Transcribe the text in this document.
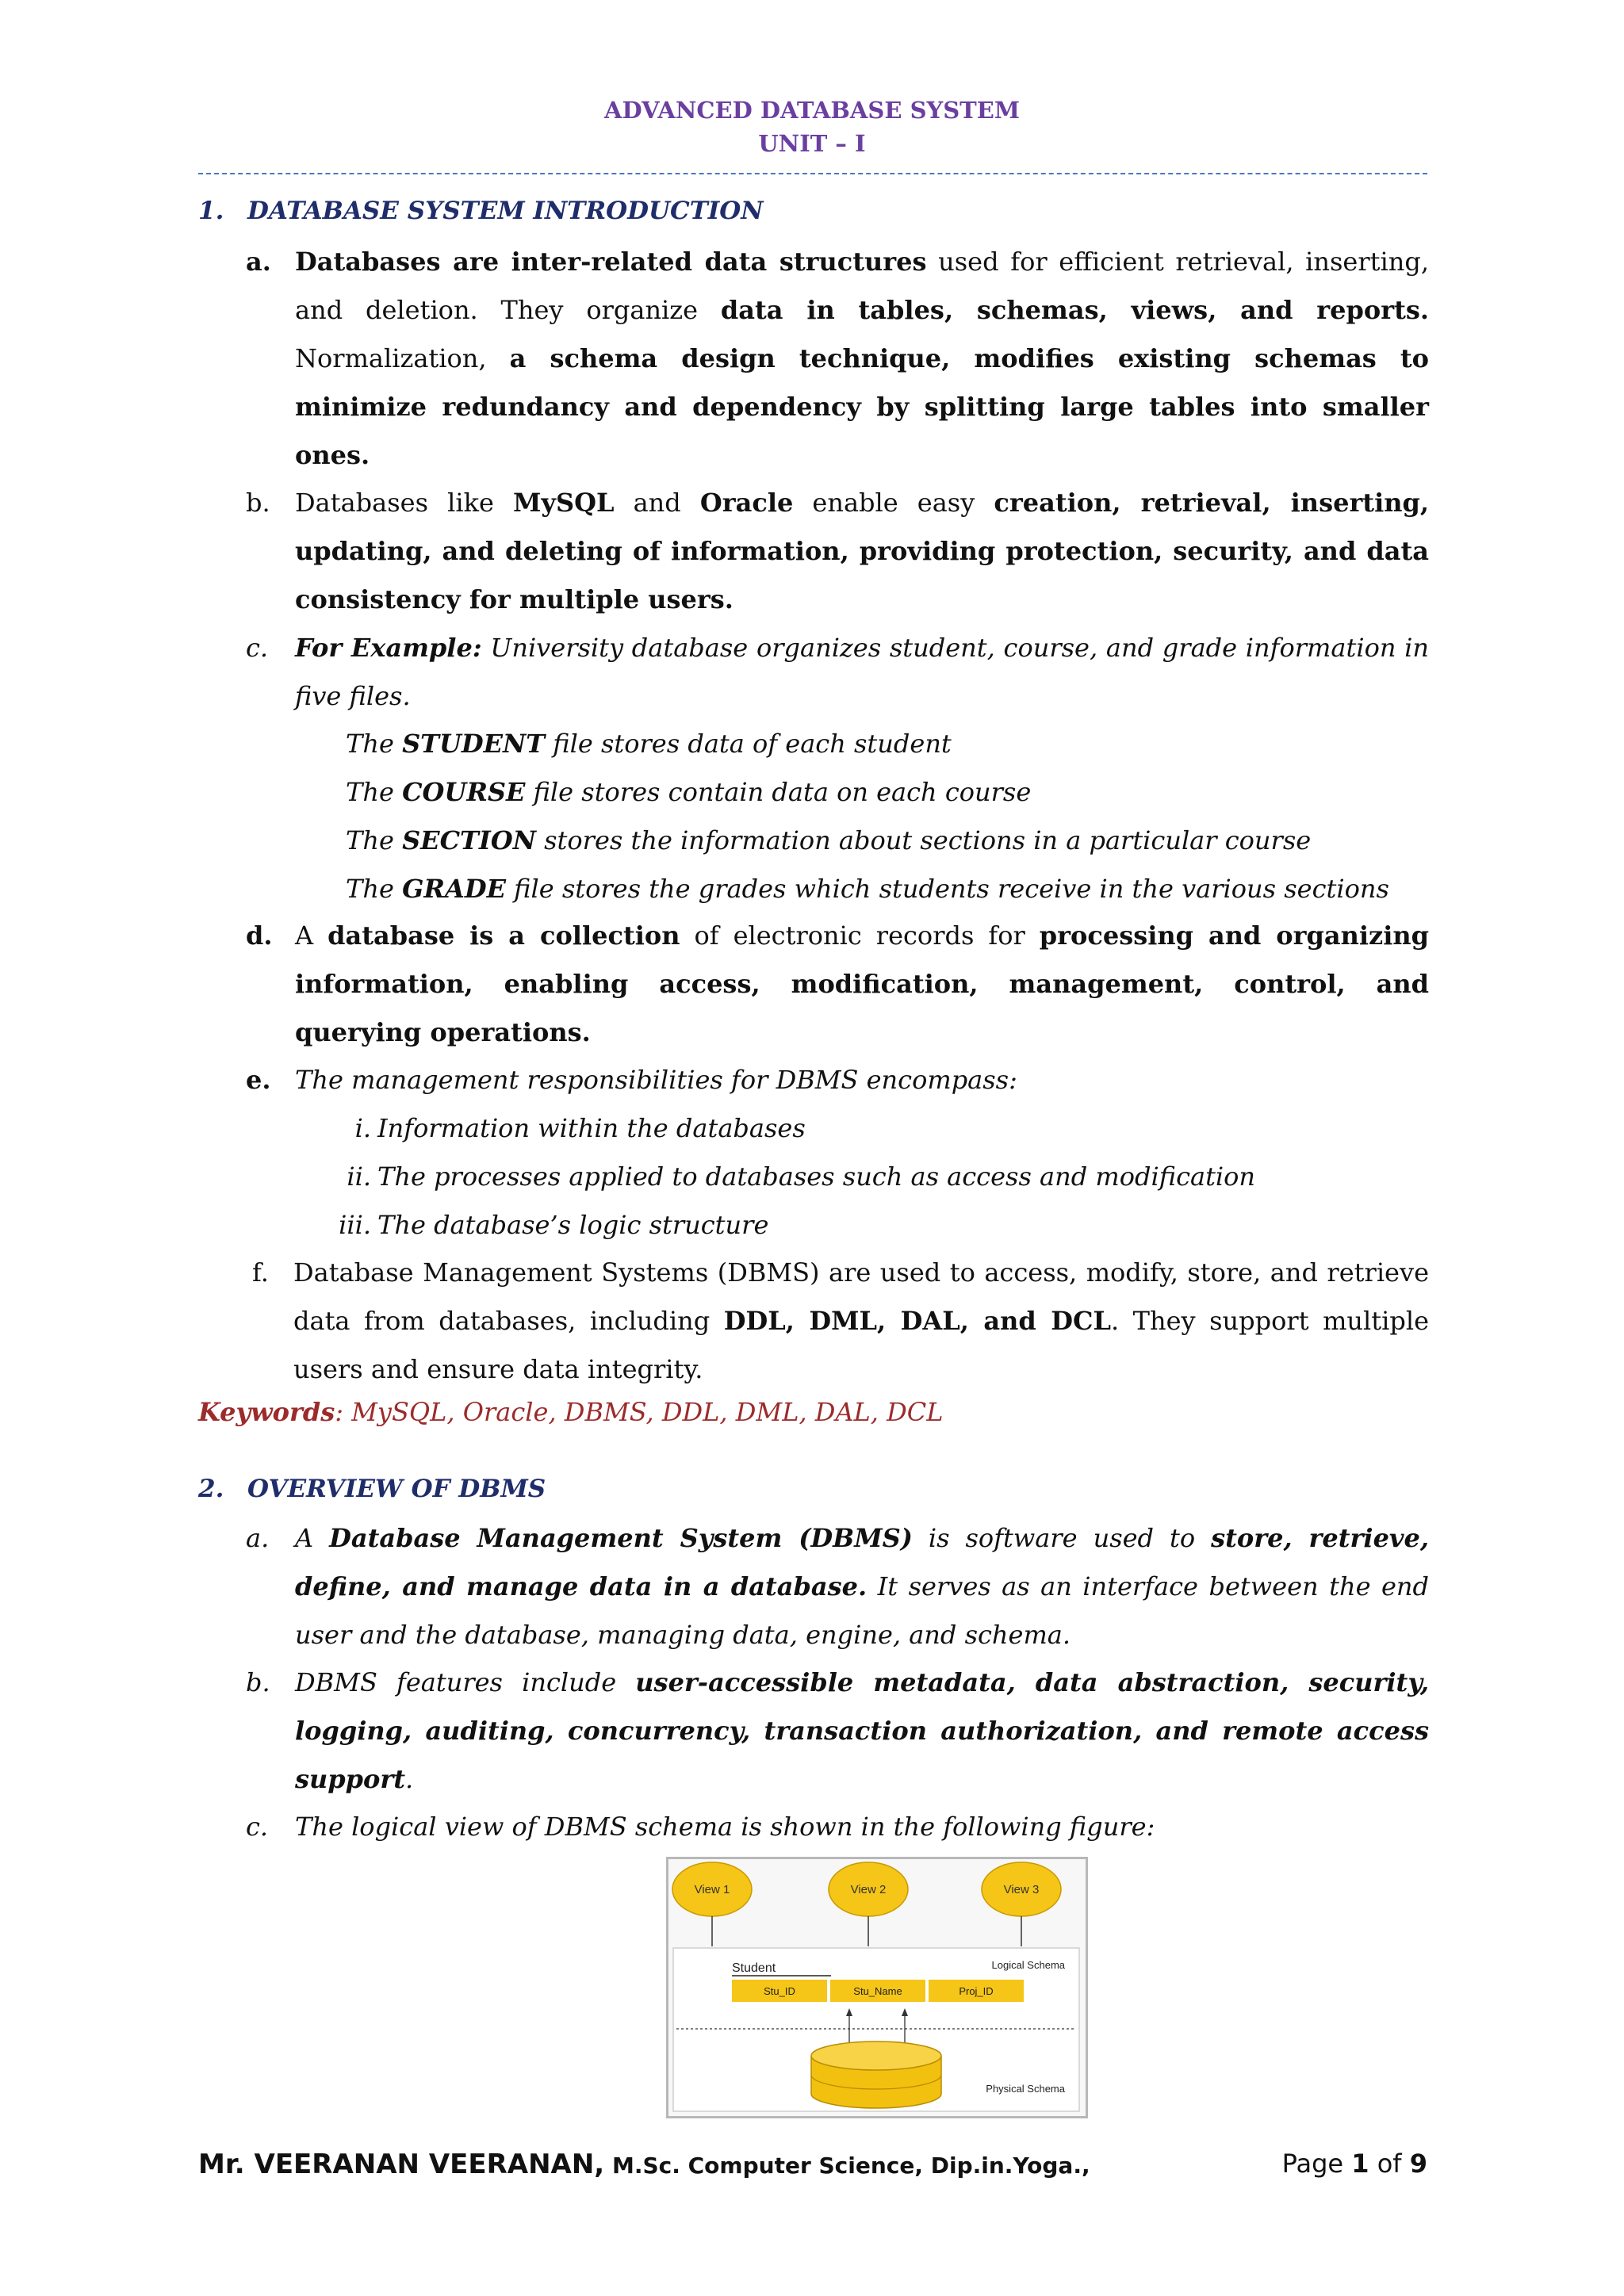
ADVANCED DATABASE SYSTEM
UNIT – I
1. DATABASE SYSTEM INTRODUCTION
a. Databases are inter-related data structures used for efficient retrieval, inserting, and deletion. They organize data in tables, schemas, views, and reports. Normalization, a schema design technique, modifies existing schemas to minimize redundancy and dependency by splitting large tables into smaller ones.
b. Databases like MySQL and Oracle enable easy creation, retrieval, inserting, updating, and deleting of information, providing protection, security, and data consistency for multiple users.
c. For Example: University database organizes student, course, and grade information in five files.
The STUDENT file stores data of each student
The COURSE file stores contain data on each course
The SECTION stores the information about sections in a particular course
The GRADE file stores the grades which students receive in the various sections
d. A database is a collection of electronic records for processing and organizing information, enabling access, modification, management, control, and querying operations.
e. The management responsibilities for DBMS encompass:
i. Information within the databases
ii. The processes applied to databases such as access and modification
iii. The database’s logic structure
f. Database Management Systems (DBMS) are used to access, modify, store, and retrieve data from databases, including DDL, DML, DAL, and DCL. They support multiple users and ensure data integrity.
Keywords: MySQL, Oracle, DBMS, DDL, DML, DAL, DCL
2. OVERVIEW OF DBMS
a. A Database Management System (DBMS) is software used to store, retrieve, define, and manage data in a database. It serves as an interface between the end user and the database, managing data, engine, and schema.
b. DBMS features include user-accessible metadata, data abstraction, security, logging, auditing, concurrency, transaction authorization, and remote access support.
c. The logical view of DBMS schema is shown in the following figure:
View 1	View 2	View 3
Student	Logical Schema
Stu_ID	Stu_Name	Proj_ID
Physical Schema
Mr. VEERANAN VEERANAN, M.Sc. Computer Science, Dip.in.Yoga.,	Page 1 of 9
